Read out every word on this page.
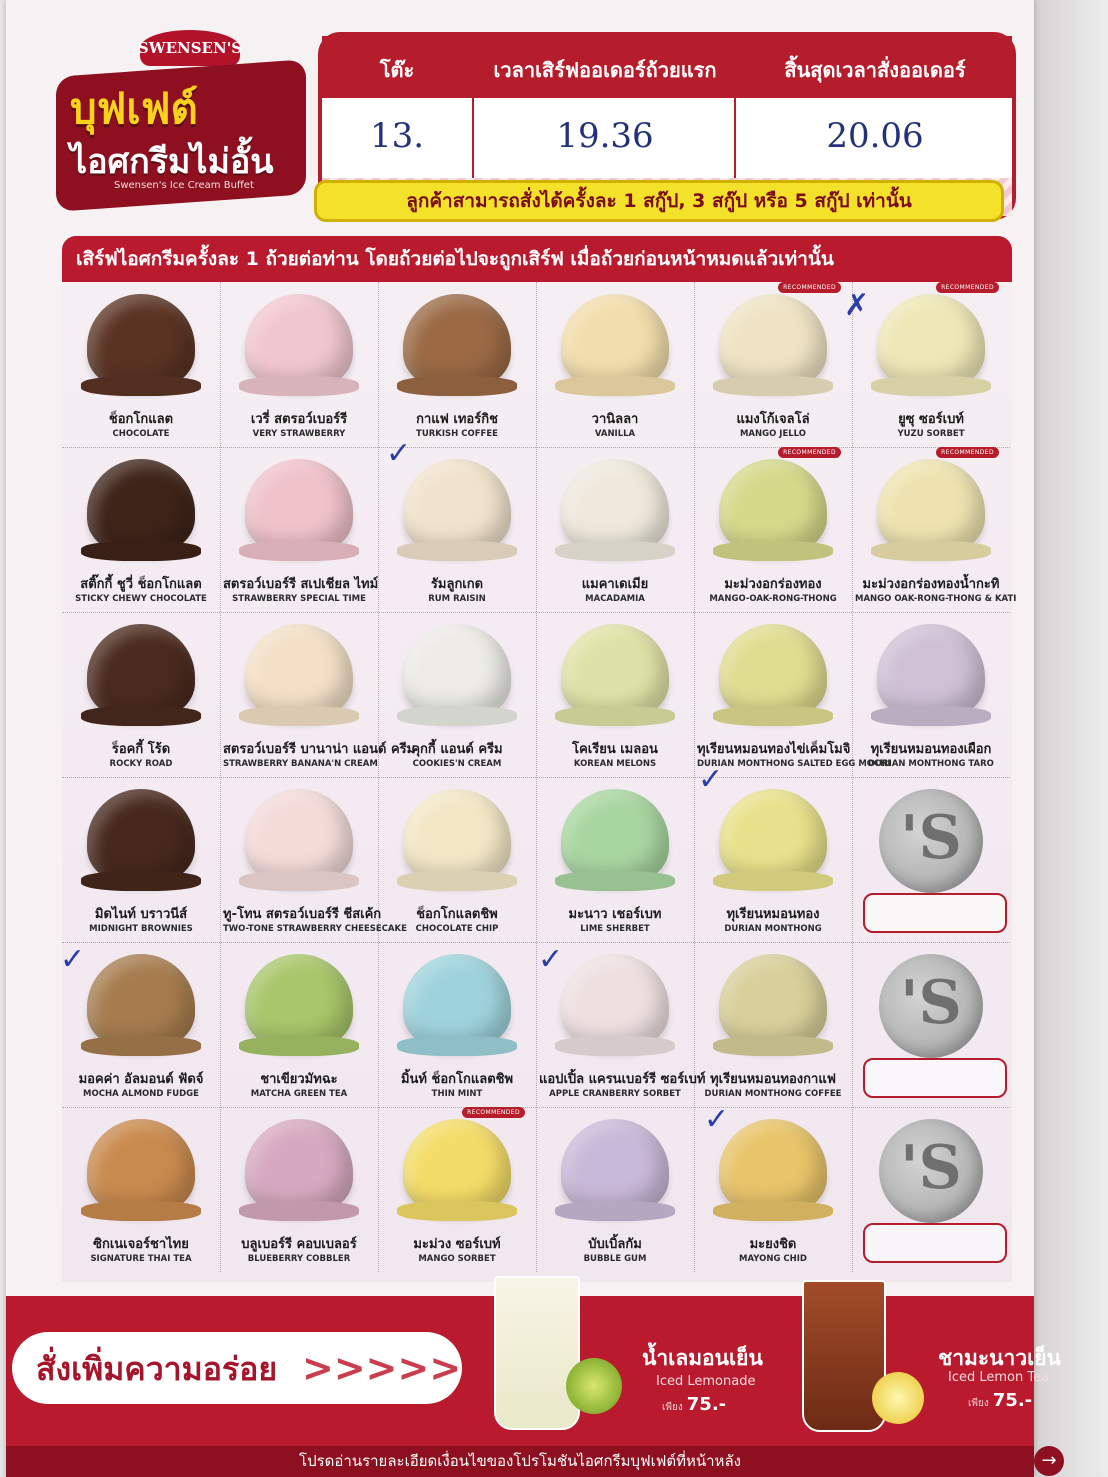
SWENSEN'S
บุฟเฟต์
ไอศกรีมไม่อั้น
Swensen's Ice Cream Buffet
โต๊ะ
13.
เวลาเสิร์ฟออเดอร์ถ้วยแรก
19.36
สิ้นสุดเวลาสั่งออเดอร์
20.06
ลูกค้าสามารถสั่งได้ครั้งละ 1 สกู๊ป, 3 สกู๊ป หรือ 5 สกู๊ป เท่านั้น
เสิร์ฟไอศกรีมครั้งละ 1 ถ้วยต่อท่าน โดยถ้วยต่อไปจะถูกเสิร์ฟ เมื่อถ้วยก่อนหน้าหมดแล้วเท่านั้น
ช็อกโกแลต
CHOCOLATE
เวรี่ สตรอว์เบอร์รี
VERY STRAWBERRY
กาแฟ เทอร์กิช
TURKISH COFFEE
วานิลลา
VANILLA
RECOMMENDED
แมงโก้เจลโล่
MANGO JELLO
RECOMMENDED
ยูซุ ซอร์เบท์
YUZU SORBET
สติ๊กกี้ ชูวี่ ช็อกโกแลต
STICKY CHEWY CHOCOLATE
สตรอว์เบอร์รี สเปเชียล ไทม์
STRAWBERRY SPECIAL TIME
รัมลูกเกด
RUM RAISIN
แมคาเดเมีย
MACADAMIA
RECOMMENDED
มะม่วงอกร่องทอง
MANGO-OAK-RONG-THONG
RECOMMENDED
มะม่วงอกร่องทองน้ำกะทิ
MANGO OAK-RONG-THONG & KATI
ร็อคกี้ โร้ด
ROCKY ROAD
สตรอว์เบอร์รี บานาน่า แอนด์ ครีม
STRAWBERRY BANANA'N CREAM
คุกกี้ แอนด์ ครีม
COOKIES'N CREAM
โคเรียน เมลอน
KOREAN MELONS
ทุเรียนหมอนทองไข่เค็มโมจิ
DURIAN MONTHONG SALTED EGG MOCHI
ทุเรียนหมอนทองเผือก
DURIAN MONTHONG TARO
มิดไนท์ บราวนีส์
MIDNIGHT BROWNIES
ทู-โทน สตรอว์เบอร์รี ชีสเค้ก
TWO-TONE STRAWBERRY CHEESECAKE
ช็อกโกแลตชิพ
CHOCOLATE CHIP
มะนาว เชอร์เบท
LIME SHERBET
ทุเรียนหมอนทอง
DURIAN MONTHONG
'S
มอคค่า อัลมอนด์ ฟัดจ์
MOCHA ALMOND FUDGE
ชาเขียวมัทฉะ
MATCHA GREEN TEA
มิ้นท์ ช็อกโกแลตชิพ
THIN MINT
แอปเปิ้ล แครนเบอร์รี ซอร์เบท์
APPLE CRANBERRY SORBET
ทุเรียนหมอนทองกาแฟ
DURIAN MONTHONG COFFEE
'S
ซิกเนเจอร์ชาไทย
SIGNATURE THAI TEA
บลูเบอร์รี คอบเบลอร์
BLUEBERRY COBBLER
RECOMMENDED
มะม่วง ซอร์เบท์
MANGO SORBET
บับเบิ้ลกัม
BUBBLE GUM
มะยงชิด
MAYONG CHID
'S
✗
✓
✓
✓	✓
✓
สั่งเพิ่มความอร่อย >>>>>	น้ำเลมอนเย็น
Iced Lemonade
เพียง 75.-
ชามะนาวเย็น
Iced Lemon Tea
เพียง 75.-
โปรดอ่านรายละเอียดเงื่อนไขของโปรโมชันไอศกรีมบุฟเฟต์ที่หน้าหลัง	→
